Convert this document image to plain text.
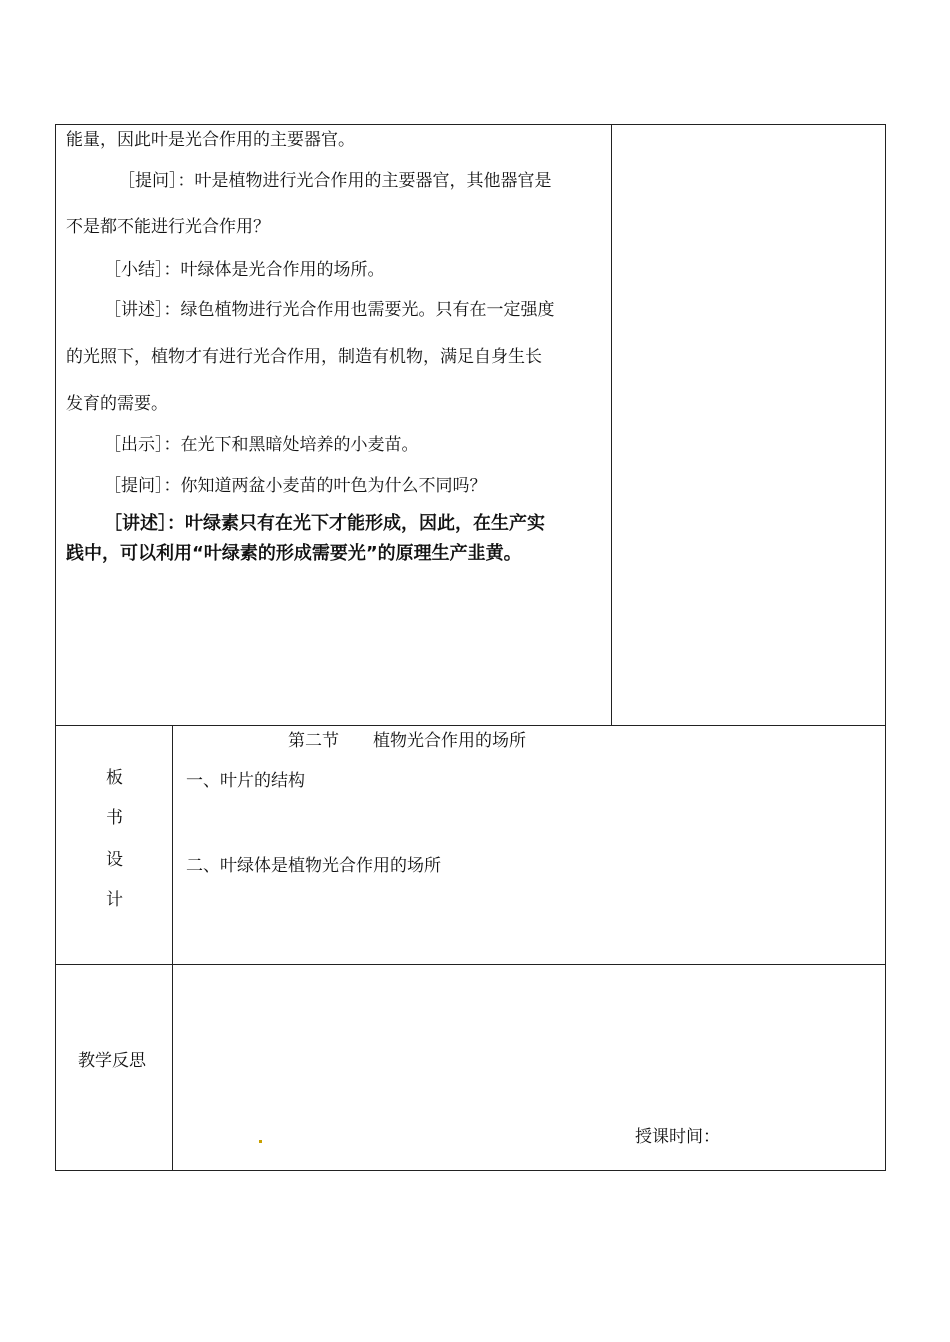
能量，因此叶是光合作用的主要器官。
［提问］：叶是植物进行光合作用的主要器官，其他器官是
不是都不能进行光合作用？
［小结］：叶绿体是光合作用的场所。
［讲述］：绿色植物进行光合作用也需要光。只有在一定强度
的光照下，植物才有进行光合作用，制造有机物，满足自身生长
发育的需要。
［出示］：在光下和黑暗处培养的小麦苗。
［提问］：你知道两盆小麦苗的叶色为什么不同吗？
［讲述］：叶绿素只有在光下才能形成，因此，在生产实
践中，可以利用“叶绿素的形成需要光”的原理生产韭黄。
板
书
设
计
第二节　　植物光合作用的场所
一、叶片的结构
二、叶绿体是植物光合作用的场所
教学反思
授课时间：
